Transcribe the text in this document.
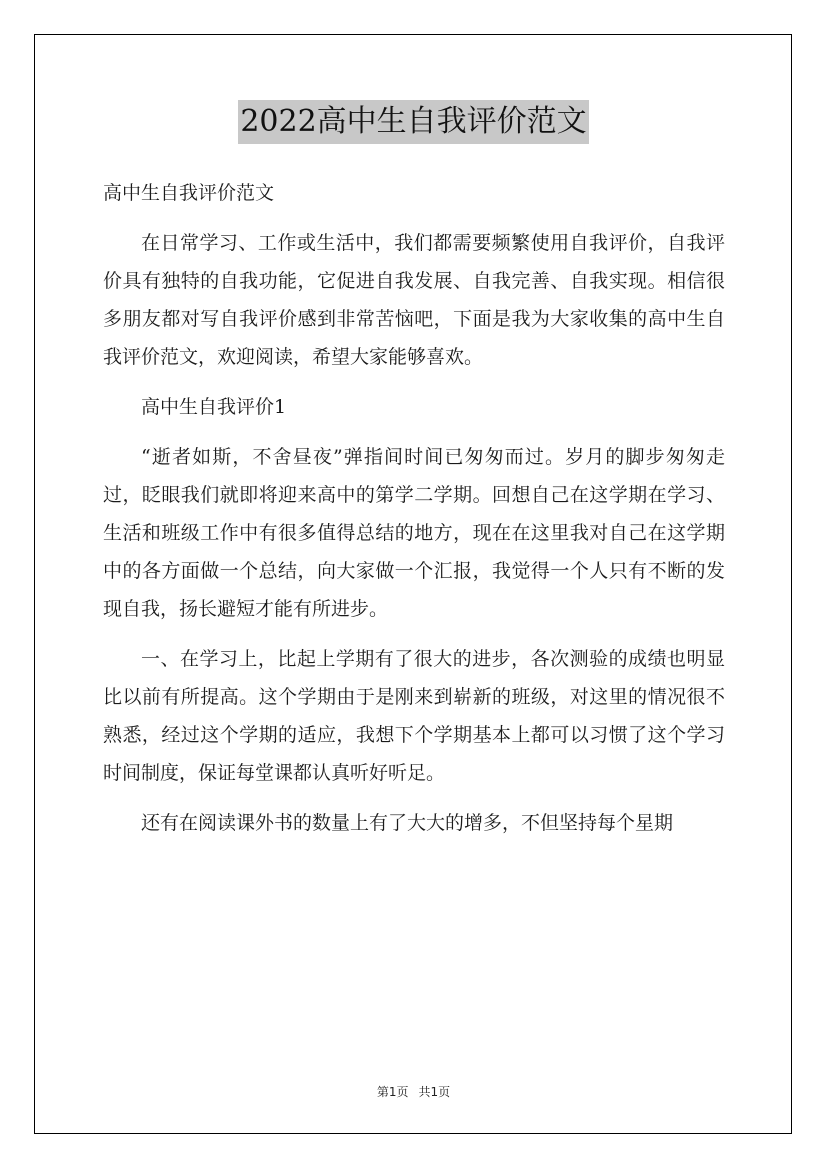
2022高中生自我评价范文

高中生自我评价范文

在日常学习、工作或生活中，我们都需要频繁使用自我评价，自我评价具有独特的自我功能，它促进自我发展、自我完善、自我实现。相信很多朋友都对写自我评价感到非常苦恼吧，下面是我为大家收集的高中生自我评价范文，欢迎阅读，希望大家能够喜欢。

高中生自我评价1

“逝者如斯，不舍昼夜”弹指间时间已匆匆而过。岁月的脚步匆匆走过，眨眼我们就即将迎来高中的第学二学期。回想自己在这学期在学习、生活和班级工作中有很多值得总结的地方，现在在这里我对自己在这学期中的各方面做一个总结，向大家做一个汇报，我觉得一个人只有不断的发现自我，扬长避短才能有所进步。

一、在学习上，比起上学期有了很大的进步，各次测验的成绩也明显比以前有所提高。这个学期由于是刚来到崭新的班级，对这里的情况很不熟悉，经过这个学期的适应，我想下个学期基本上都可以习惯了这个学习时间制度，保证每堂课都认真听好听足。

还有在阅读课外书的数量上有了大大的增多，不但坚持每个星期

第1页 共1页
